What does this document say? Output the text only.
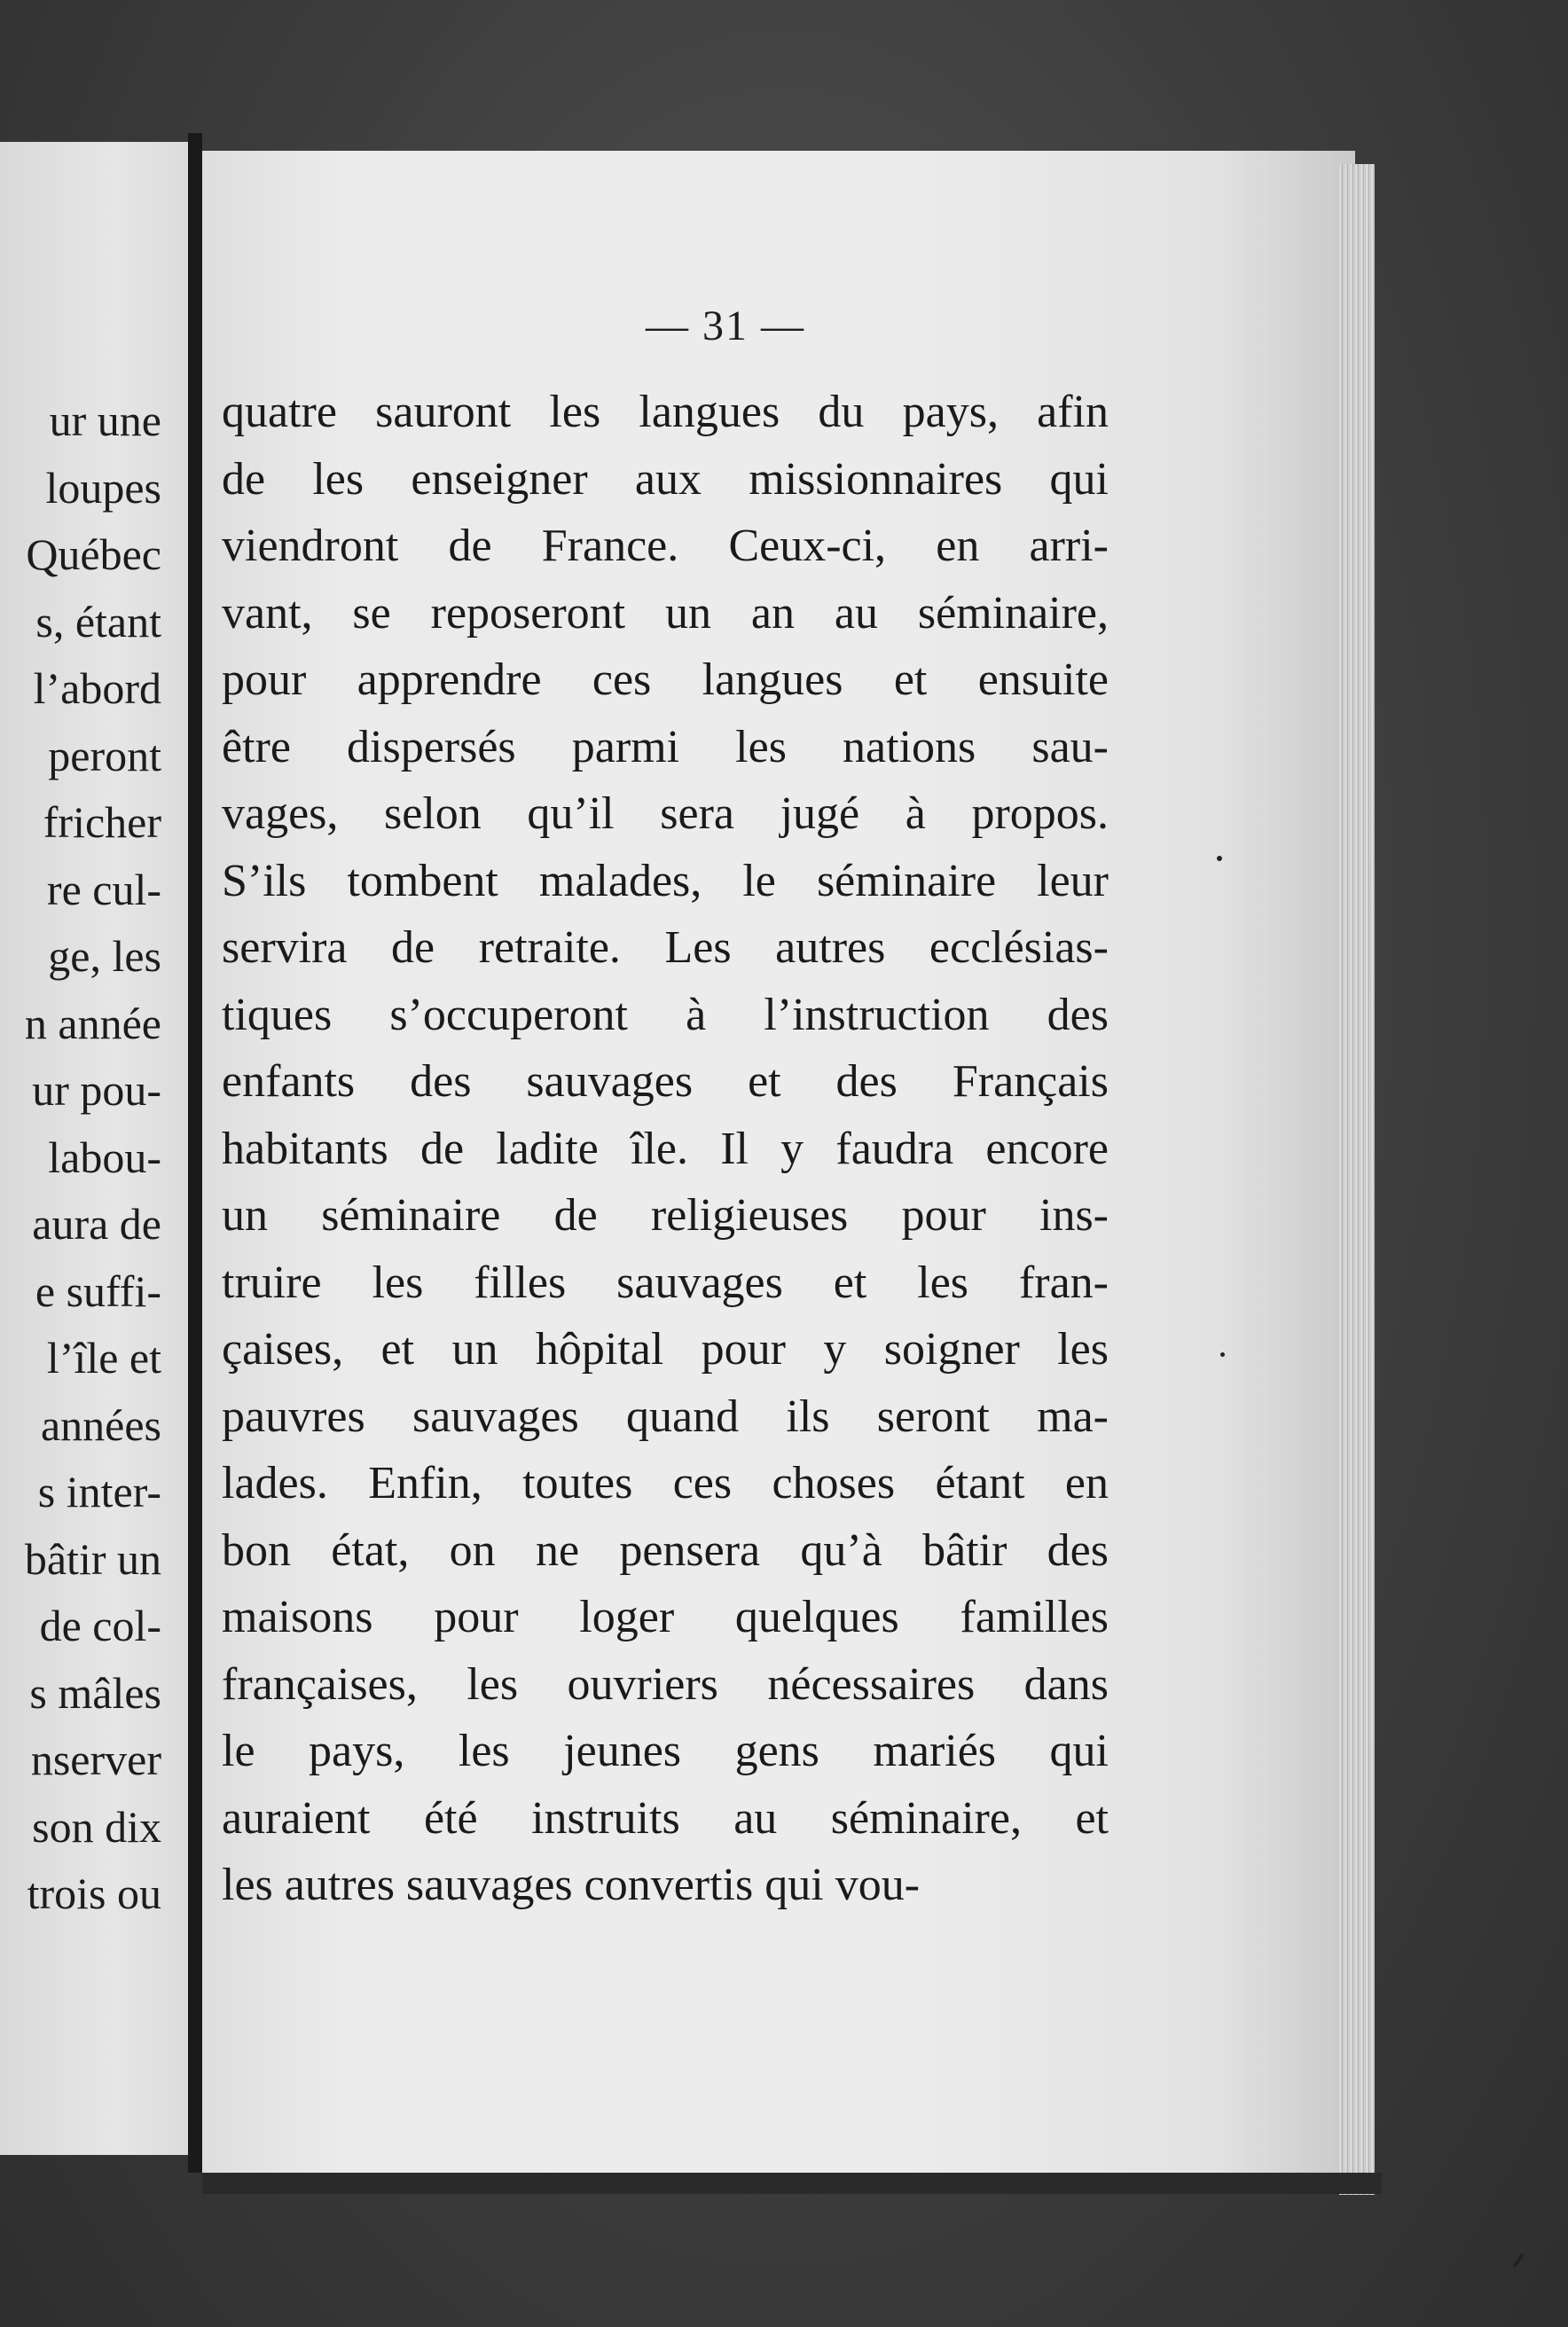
ur une
loupes
Québec
s, étant
l’abord
peront
fricher
re cul-
ge, les
n année
ur pou-
labou-
aura de
e suffi-
l’île et
années
s inter-
bâtir un
de col-
s mâles
nserver
son dix
trois ou
— 31 —
quatre sauront les langues du pays, afin
de les enseigner aux missionnaires qui
viendront de France. Ceux-ci, en arri-
vant, se reposeront un an au séminaire,
pour apprendre ces langues et ensuite
être dispersés parmi les nations sau-
vages, selon qu’il sera jugé à propos.
S’ils tombent malades, le séminaire leur
servira de retraite. Les autres ecclésias-
tiques s’occuperont à l’instruction des
enfants des sauvages et des Français
habitants de ladite île. Il y faudra encore
un séminaire de religieuses pour ins-
truire les filles sauvages et les fran-
çaises, et un hôpital pour y soigner les
pauvres sauvages quand ils seront ma-
lades. Enfin, toutes ces choses étant en
bon état, on ne pensera qu’à bâtir des
maisons pour loger quelques familles
françaises, les ouvriers nécessaires dans
le pays, les jeunes gens mariés qui
auraient été instruits au séminaire, et
les autres sauvages convertis qui vou-
